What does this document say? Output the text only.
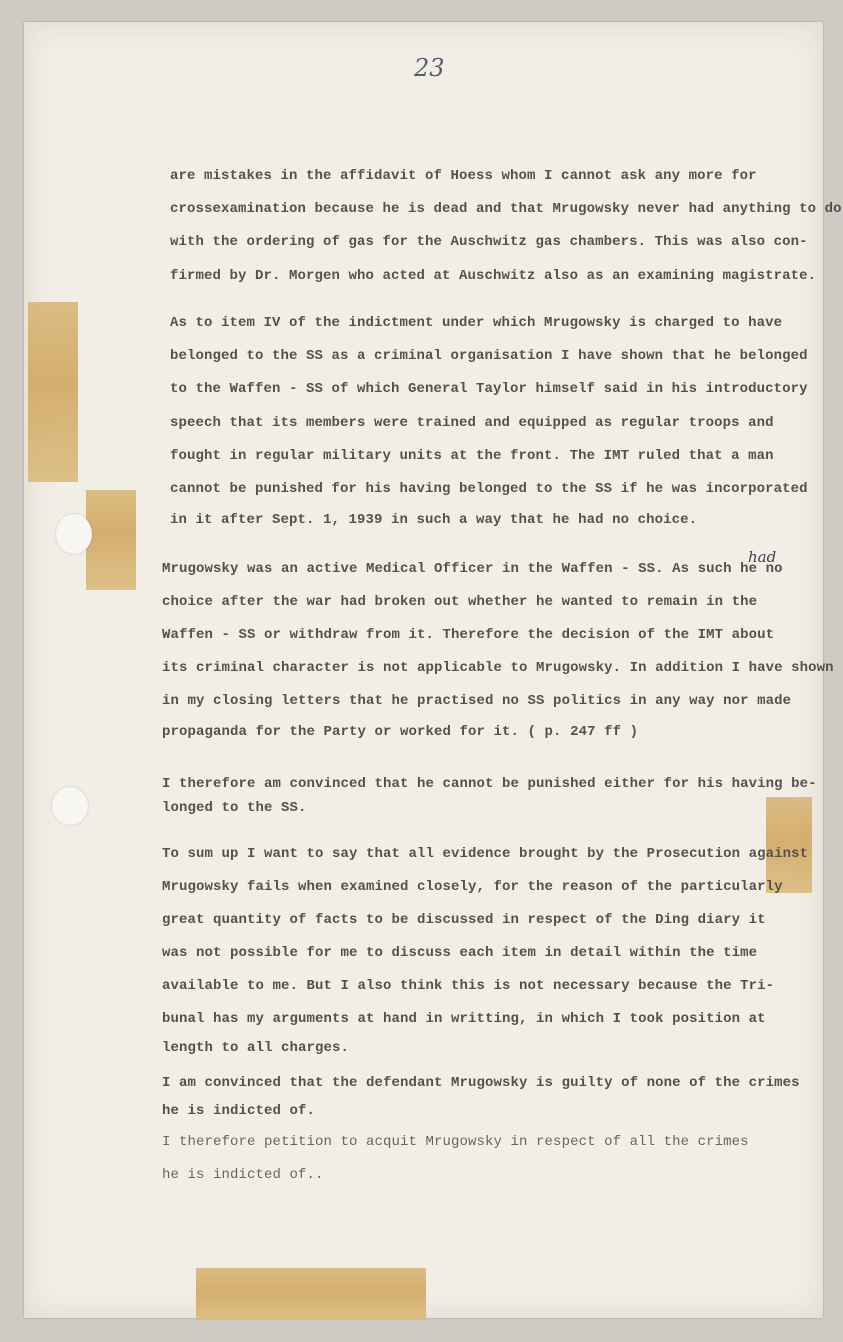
23
had
are mistakes in the affidavit of Hoess whom I cannot ask any more for
crossexamination because he is dead and that Mrugowsky never had anything to do
with the ordering of gas for the Auschwitz gas chambers. This was also con-
firmed by Dr. Morgen who acted at Auschwitz also as an examining magistrate.
As to item IV of the indictment under which Mrugowsky is charged to have
belonged to the SS as a criminal organisation I have shown that he belonged
to the Waffen - SS of which General Taylor himself said in his introductory
speech that its members were trained and equipped as regular troops and
fought in regular military units at the front. The IMT ruled that a man
cannot be punished for his having belonged to the SS if he was incorporated
in it after Sept. 1, 1939 in such a way that he had no choice.
Mrugowsky was an active Medical Officer in the Waffen - SS. As such he no
choice after the war had broken out whether he wanted to remain in the
Waffen - SS or withdraw from it. Therefore the decision of the IMT about
its criminal character is not applicable to Mrugowsky. In addition I have shown
in my closing letters that he practised no SS politics in any way nor made
propaganda for the Party or worked for it. ( p. 247 ff )
I therefore am convinced that he cannot be punished either for his having be-
longed to the SS.
To sum up I want to say that all evidence brought by the Prosecution against
Mrugowsky fails when examined closely, for the reason of the particularly
great quantity of facts to be discussed in respect of the Ding diary it
was not possible for me to discuss each item in detail within the time
available to me. But I also think this is not necessary because the Tri-
bunal has my arguments at hand in writting, in which I took position at
length to all charges.
I am convinced that the defendant Mrugowsky is guilty of none of the crimes
he is indicted of.
I therefore petition to acquit Mrugowsky in respect of all the crimes
he is indicted of..
